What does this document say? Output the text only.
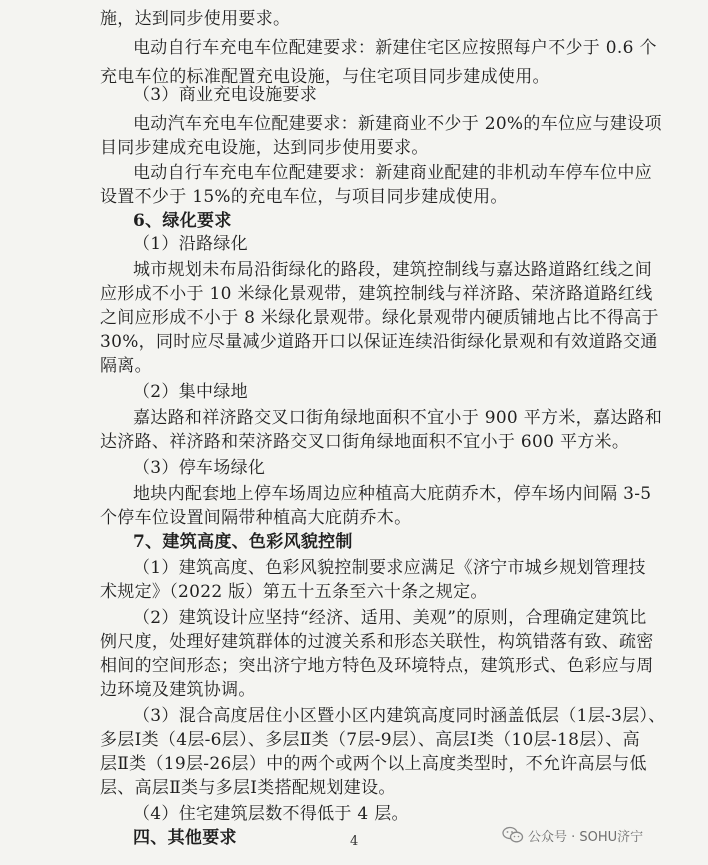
施，达到同步使用要求。
电动自行车充电车位配建要求：新建住宅区应按照每户不少于 0.6 个
充电车位的标准配置充电设施，与住宅项目同步建成使用。
（3）商业充电设施要求
电动汽车充电车位配建要求：新建商业不少于 20%的车位应与建设项
目同步建成充电设施，达到同步使用要求。
电动自行车充电车位配建要求：新建商业配建的非机动车停车位中应
设置不少于 15%的充电车位，与项目同步建成使用。
6、绿化要求
（1）沿路绿化
城市规划未布局沿街绿化的路段，建筑控制线与嘉达路道路红线之间
应形成不小于 10 米绿化景观带，建筑控制线与祥济路、荣济路道路红线
之间应形成不小于 8 米绿化景观带。绿化景观带内硬质铺地占比不得高于
30%，同时应尽量减少道路开口以保证连续沿街绿化景观和有效道路交通
隔离。
（2）集中绿地
嘉达路和祥济路交叉口街角绿地面积不宜小于 900 平方米，嘉达路和
达济路、祥济路和荣济路交叉口街角绿地面积不宜小于 600 平方米。
（3）停车场绿化
地块内配套地上停车场周边应种植高大庇荫乔木，停车场内间隔 3-5
个停车位设置间隔带种植高大庇荫乔木。
7、建筑高度、色彩风貌控制
（1）建筑高度、色彩风貌控制要求应满足《济宁市城乡规划管理技
术规定》（2022 版）第五十五条至六十条之规定。
（2）建筑设计应坚持“经济、适用、美观”的原则，合理确定建筑比
例尺度，处理好建筑群体的过渡关系和形态关联性，构筑错落有致、疏密
相间的空间形态；突出济宁地方特色及环境特点，建筑形式、色彩应与周
边环境及建筑协调。
（3）混合高度居住小区暨小区内建筑高度同时涵盖低层（1层-3层）、
多层Ⅰ类（4层-6层）、多层Ⅱ类（7层-9层）、高层Ⅰ类（10层-18层）、高
层Ⅱ类（19层-26层）中的两个或两个以上高度类型时，不允许高层与低
层、高层Ⅱ类与多层Ⅰ类搭配规划建设。
（4）住宅建筑层数不得低于 4 层。
四、其他要求	4	公众号 · SOHU济宁
